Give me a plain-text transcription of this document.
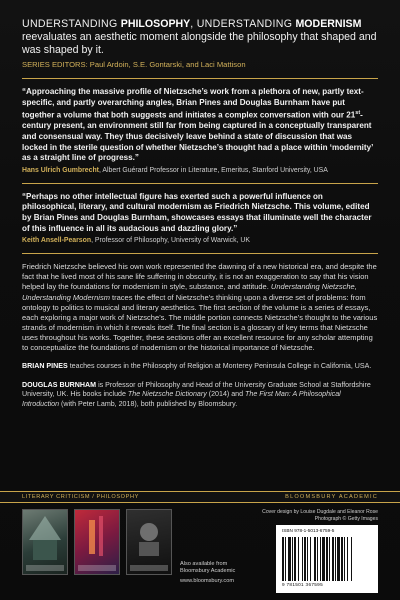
UNDERSTANDING PHILOSOPHY, UNDERSTANDING MODERNISM reevaluates an aesthetic moment alongside the philosophy that shaped and was shaped by it.
SERIES EDITORS: Paul Ardoin, S.E. Gontarski, and Laci Mattison
“Approaching the massive profile of Nietzsche’s work from a plethora of new, partly text-specific, and partly overarching angles, Brian Pines and Douglas Burnham have put together a volume that both suggests and initiates a complex conversation with our 21st-century present, an environment still far from being captured in a conceptually transparent and consensual way. They thus decisively leave behind a state of discussion that was locked in the sterile question of whether Nietzsche’s thought had a place within ‘modernity’ as a straight line of progress.”
Hans Ulrich Gumbrecht, Albert Guérard Professor in Literature, Emeritus, Stanford University, USA
“Perhaps no other intellectual figure has exerted such a powerful influence on philosophical, literary, and cultural modernism as Friedrich Nietzsche. This volume, edited by Brian Pines and Douglas Burnham, showcases essays that illuminate well the character of this influence in all its audacious and dazzling glory.”
Keith Ansell-Pearson, Professor of Philosophy, University of Warwick, UK
Friedrich Nietzsche believed his own work represented the dawning of a new historical era, and despite the fact that he lived most of his sane life suffering in obscurity, it is not an exaggeration to say that his vision helped lay the foundations for modernism in style, substance, and attitude. Understanding Nietzsche, Understanding Modernism traces the effect of Nietzsche’s thinking upon a diverse set of problems: from ontology to politics to musical and literary aesthetics. The first section of the volume is a series of essays, each exploring a major work of Nietzsche’s. The middle portion connects Nietzsche’s thought to the various strands of modernism in which it reveals itself. The final section is a glossary of key terms that Nietzsche uses throughout his works. Together, these sections offer an excellent resource for any scholar attempting to conceptualize the foundations of modernism or the historical importance of Nietzsche.
BRIAN PINES teaches courses in the Philosophy of Religion at Monterey Peninsula College in California, USA.
DOUGLAS BURNHAM is Professor of Philosophy and Head of the University Graduate School at Staffordshire University, UK. His books include The Nietzsche Dictionary (2014) and The First Man: A Philosophical Introduction (with Peter Lamb, 2018), both published by Bloomsbury.
LITERARY CRITICISM / PHILOSOPHY	BLOOMSBURY ACADEMIC
Also available from
Bloomsbury Academic
www.bloomsbury.com
Cover design by Louise Dugdale and Eleanor Rose
Photograph © Getty Images
ISBN 978-1-5013-6759-5
9 781501 367595
